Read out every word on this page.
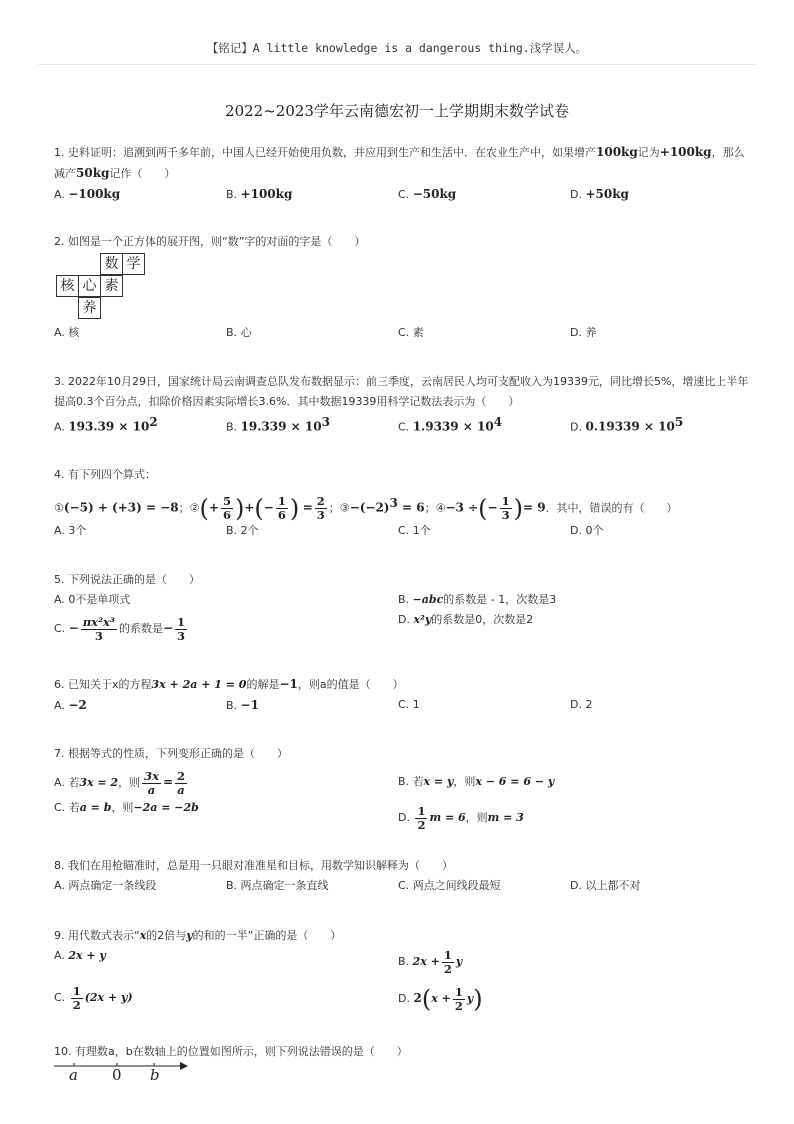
【铭记】A little knowledge is a dangerous thing.浅学误人。
2022~2023学年云南德宏初一上学期期末数学试卷
1. 史料证明：追溯到两千多年前，中国人已经开始使用负数，并应用到生产和生活中．在农业生产中，如果增产100kg记为+100kg，那么
减产50kg记作（　　）
A. −100kg	B. +100kg	C. −50kg	D. +50kg
2. 如图是一个正方体的展开图，则“数”字的对面的字是（　　）
数 学
核 心 素
养
A. 核	B. 心	C. 素	D. 养
3. 2022年10月29日，国家统计局云南调查总队发布数据显示：前三季度，云南居民人均可支配收入为19339元，同比增长5%，增速比上半年
提高0.3个百分点，扣除价格因素实际增长3.6%．其中数据19339用科学记数法表示为（　　）
A. $193.39 \times 10^2$	B. $19.339 \times 10^3$	C. $1.9339 \times 10^4$	D. $0.19339 \times 10^5$
4. 有下列四个算式：
①(−5) + (+3) = −8；②(+ $\frac{5}{6}$ )+(− $\frac{1}{6}$ ) = $\frac{2}{3}$ ；$③-(-2)^3 = 6$；④−3 ÷(− $\frac{1}{3}$ )= 9．其中，错误的有（　　）
A. 3个	B. 2个	C. 1个	D. 0个
5. 下列说法正确的是（　　）
A. 0不是单项式	B. −abc的系数是 - 1，次数是3
C. − $\frac{\text{πx²x³}}{3}$ 的系数是− $\frac{1}{3}$	D. x²y的系数是0，次数是2
6. 已知关于x的方程3x + 2a + 1 = 0的解是−1，则a的值是（　　）
A. −2	B. −1	C. 1	D. 2
7. 根据等式的性质，下列变形正确的是（　　）
A. 若3x = 2，则 $\frac{3x}{a} = \frac{2}{a}$	B. 若x = y，则x − 6 = 6 − y
C. 若a = b，则−2a = −2b
D. $\frac{1}{2}$ m = 6，则m = 3
8. 我们在用枪瞄准时，总是用一只眼对准准星和目标，用数学知识解释为（　　）
A. 两点确定一条线段	B. 两点确定一条直线	C. 两点之间线段最短	D. 以上都不对
9. 用代数式表示“x的2倍与y的和的一半”正确的是（　　）
A. 2x + y	B. $2x + \frac{1}{2}$ y
C. $\frac{1}{2} (2x + y)$	D. $2(x + \frac{1}{2} y)$
10. 有理数a，b在数轴上的位置如图所示，则下列说法错误的是（　　）
a 0 b
